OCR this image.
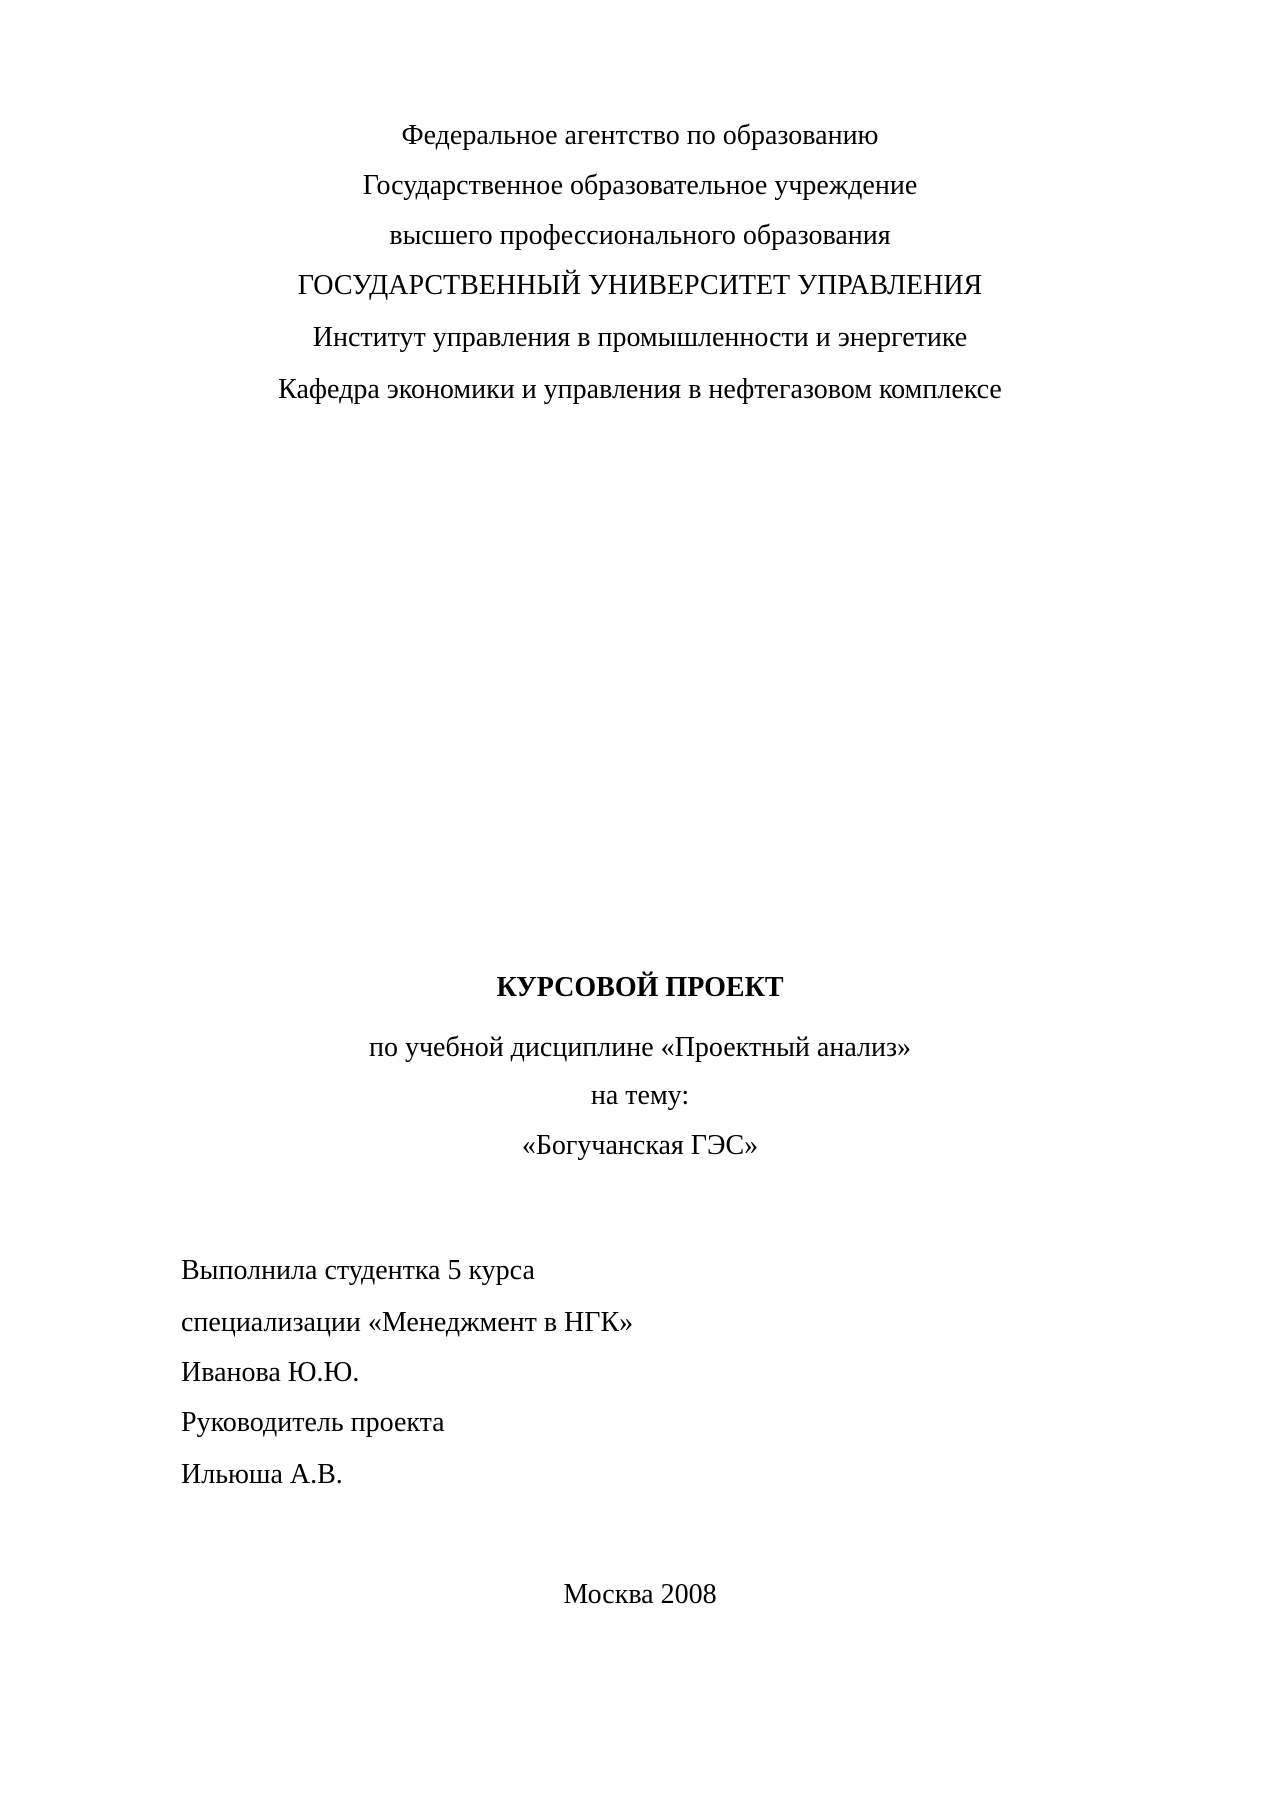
Федеральное агентство по образованию
Государственное образовательное учреждение
высшего профессионального образования
ГОСУДАРСТВЕННЫЙ УНИВЕРСИТЕТ УПРАВЛЕНИЯ
Институт управления в промышленности и энергетике
Кафедра экономики и управления в нефтегазовом комплексе
КУРСОВОЙ ПРОЕКТ
по учебной дисциплине «Проектный анализ»
на тему:
«Богучанская ГЭС»
Выполнила студентка 5 курса
специализации «Менеджмент в НГК»
Иванова Ю.Ю.
Руководитель проекта
Ильюша А.В.
Москва 2008
